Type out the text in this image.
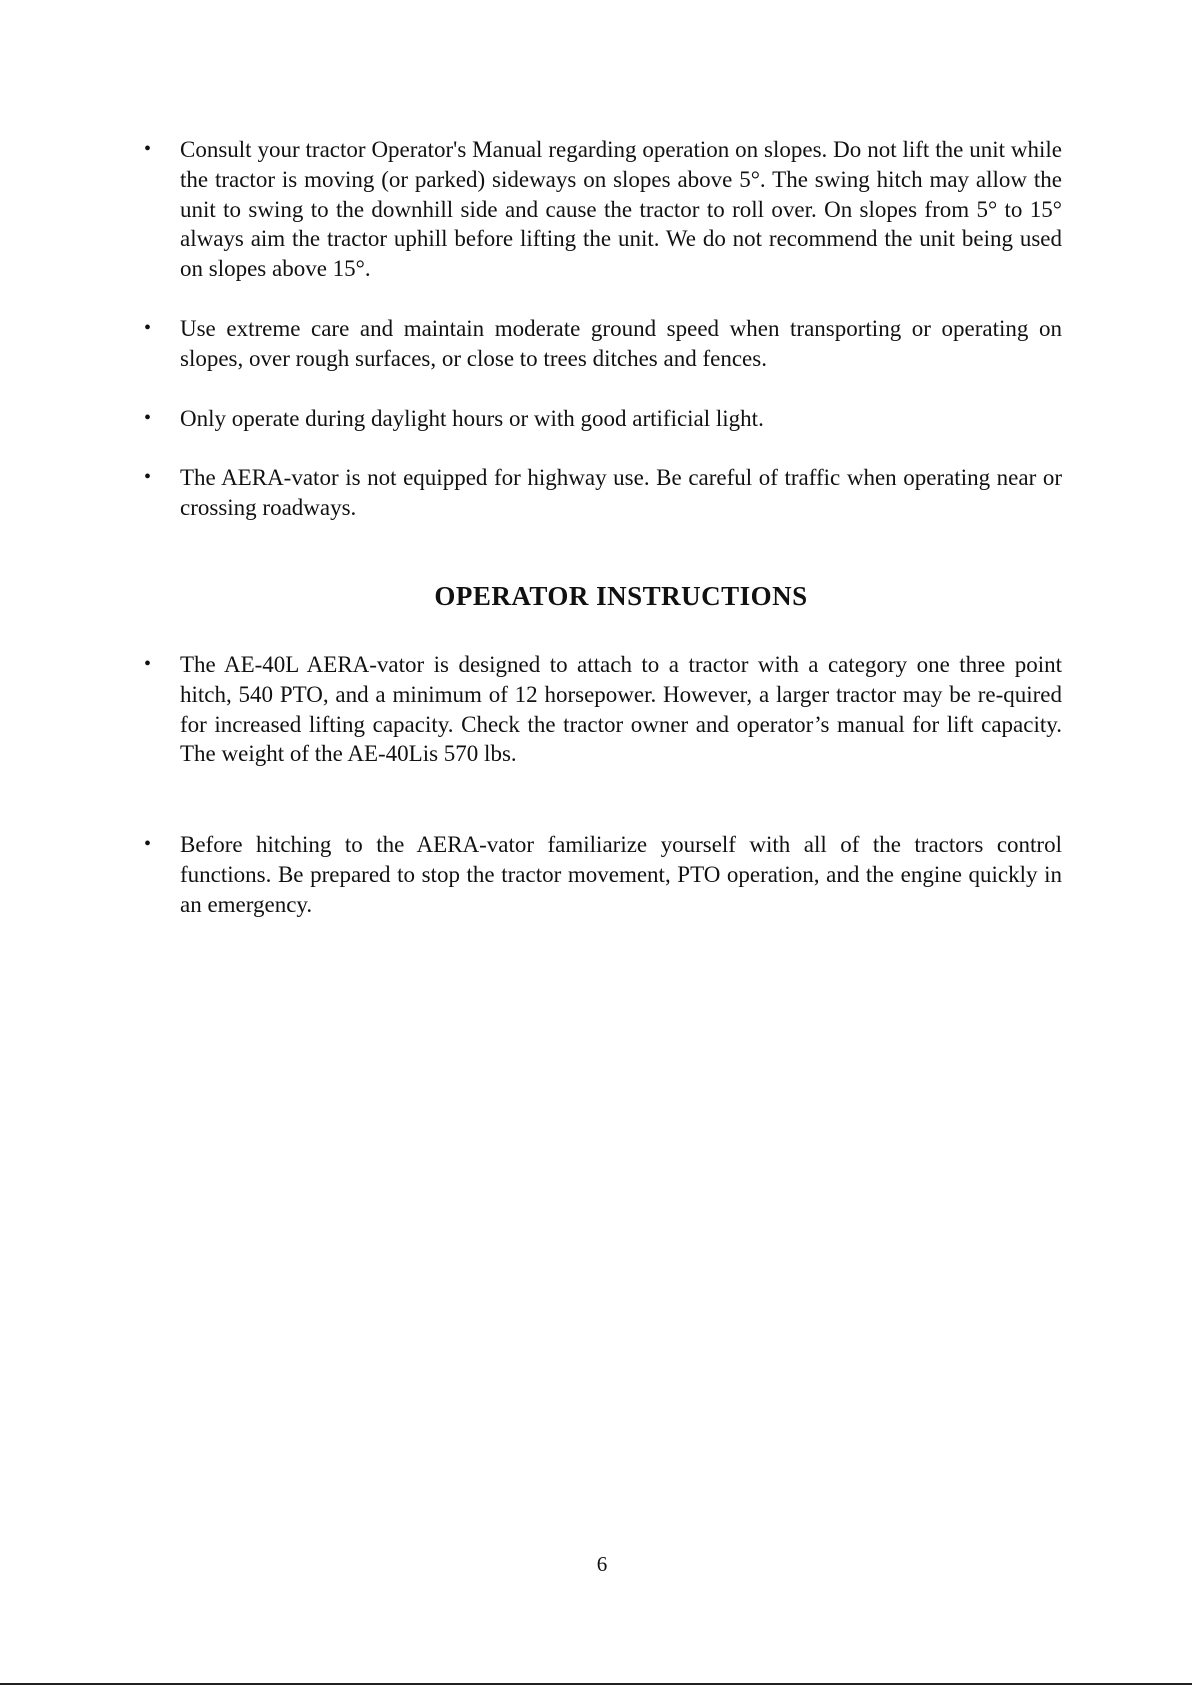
• Consult your tractor Operator's Manual regarding operation on slopes. Do not lift the unit while the tractor is moving (or parked) sideways on slopes above 5°. The swing hitch may allow the unit to swing to the downhill side and cause the tractor to roll over. On slopes from 5° to 15° always aim the tractor uphill before lifting the unit. We do not recommend the unit being used on slopes above 15°.
• Use extreme care and maintain moderate ground speed when transporting or operating on slopes, over rough surfaces, or close to trees ditches and fences.
• Only operate during daylight hours or with good artificial light.
• The AERA-vator is not equipped for highway use. Be careful of traffic when operating near or crossing roadways.
OPERATOR INSTRUCTIONS
• The AE-40L AERA-vator is designed to attach to a tractor with a category one three point hitch, 540 PTO, and a minimum of 12 horsepower. However, a larger tractor may be re-quired for increased lifting capacity. Check the tractor owner and operator’s manual for lift capacity. The weight of the AE-40Lis 570 lbs.
• Before hitching to the AERA-vator familiarize yourself with all of the tractors control functions. Be prepared to stop the tractor movement, PTO operation, and the engine quickly in an emergency.
6
